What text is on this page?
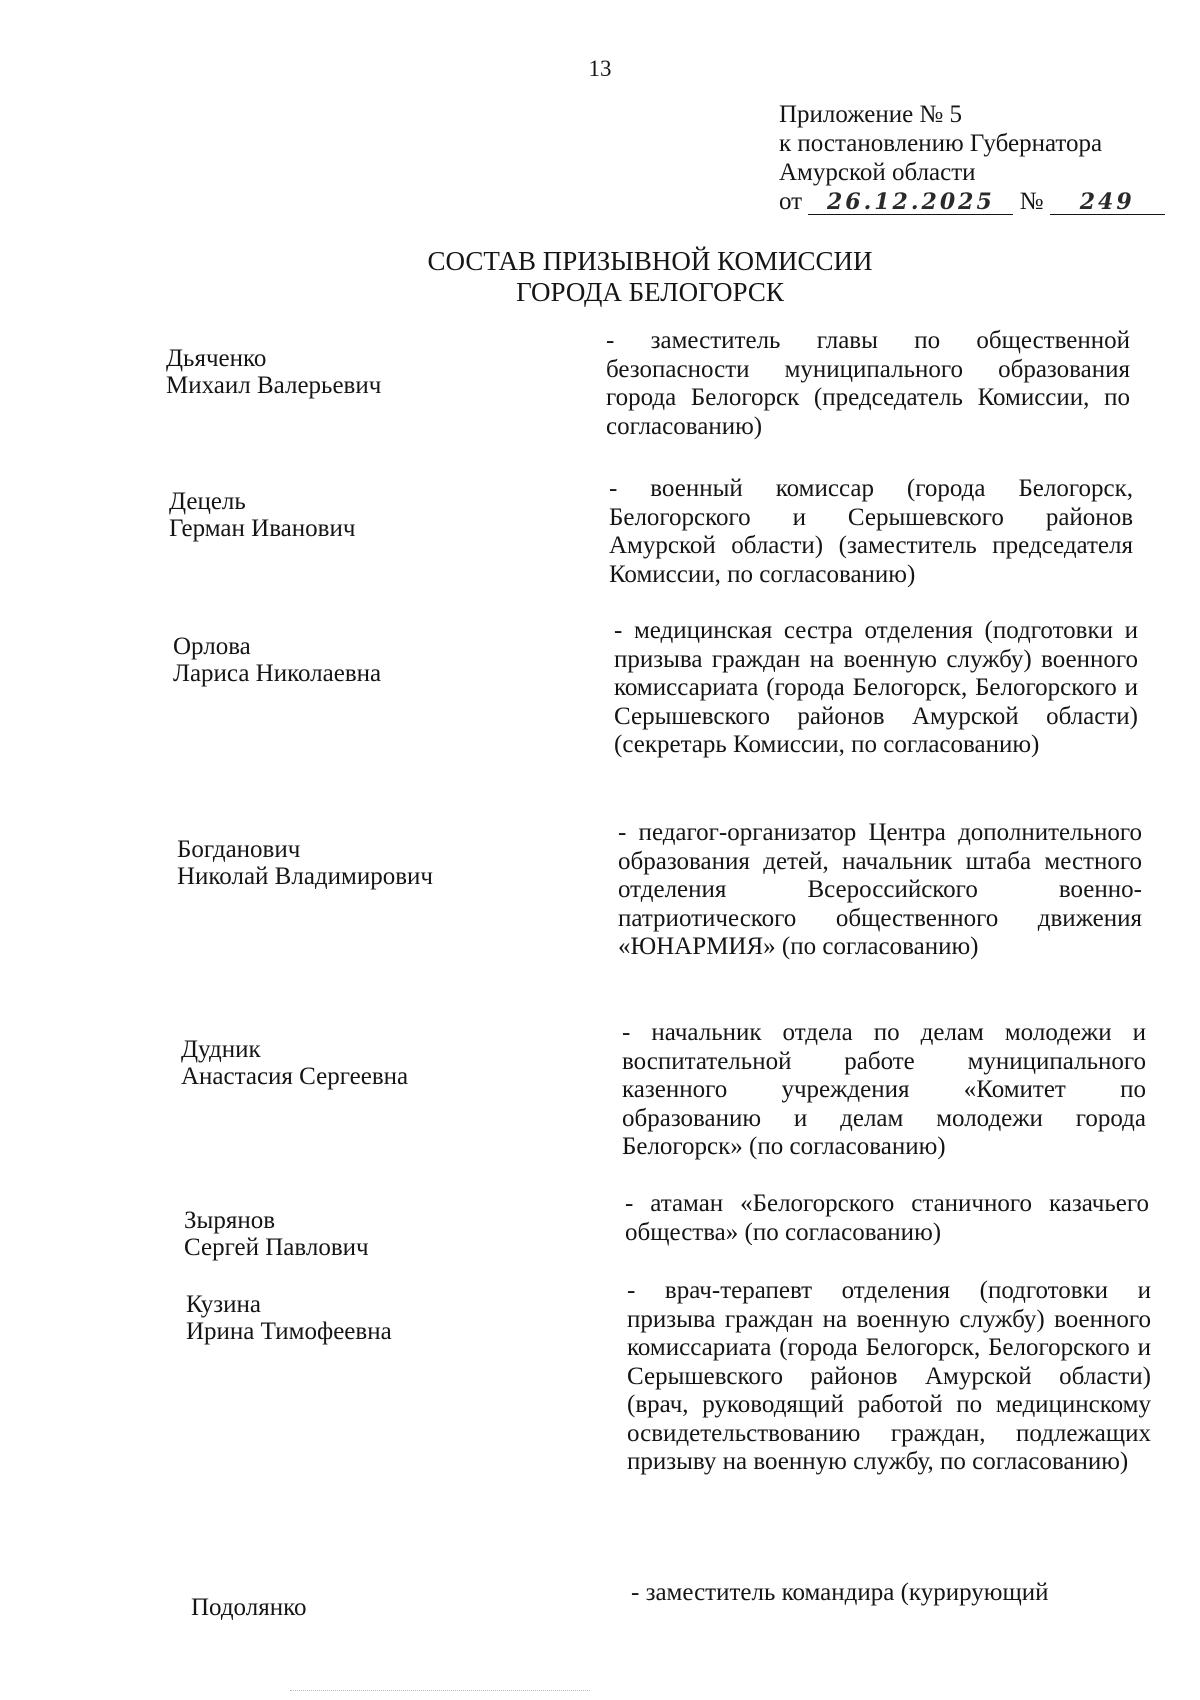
13
Приложение № 5
к постановлению Губернатора
Амурской области
от 26.12.2025 № 249
СОСТАВ ПРИЗЫВНОЙ КОМИССИИ
ГОРОДА БЕЛОГОРСК
Дьяченко
Михаил Валерьевич
- заместитель главы по общественной безопасности муниципального образования города Белогорск (председатель Комиссии, по согласованию)
Децель
Герман Иванович
- военный комиссар (города Белогорск, Белогорского и Серышевского районов Амурской области) (заместитель председателя Комиссии, по согласованию)
Орлова
Лариса Николаевна
- медицинская сестра отделения (подготовки и призыва граждан на военную службу) военного комиссариата (города Белогорск, Белогорского и Серышевского районов Амурской области) (секретарь Комиссии, по согласованию)
Богданович
Николай Владимирович
- педагог-организатор Центра дополнительного образования детей, начальник штаба местного отделения Всероссийского военно-патриотического общественного движения «ЮНАРМИЯ» (по согласованию)
Дудник
Анастасия Сергеевна
- начальник отдела по делам молодежи и воспитательной работе муниципального казенного учреждения «Комитет по образованию и делам молодежи города Белогорск» (по согласованию)
Зырянов
Сергей Павлович
- атаман «Белогорского станичного казачьего общества» (по согласованию)
Кузина
Ирина Тимофеевна
- врач-терапевт отделения (подготовки и призыва граждан на военную службу) военного комиссариата (города Белогорск, Белогорского и Серышевского районов Амурской области) (врач, руководящий работой по медицинскому освидетельствованию граждан, подлежащих призыву на военную службу, по согласованию)
Подолянко
- заместитель командира (курирующий
